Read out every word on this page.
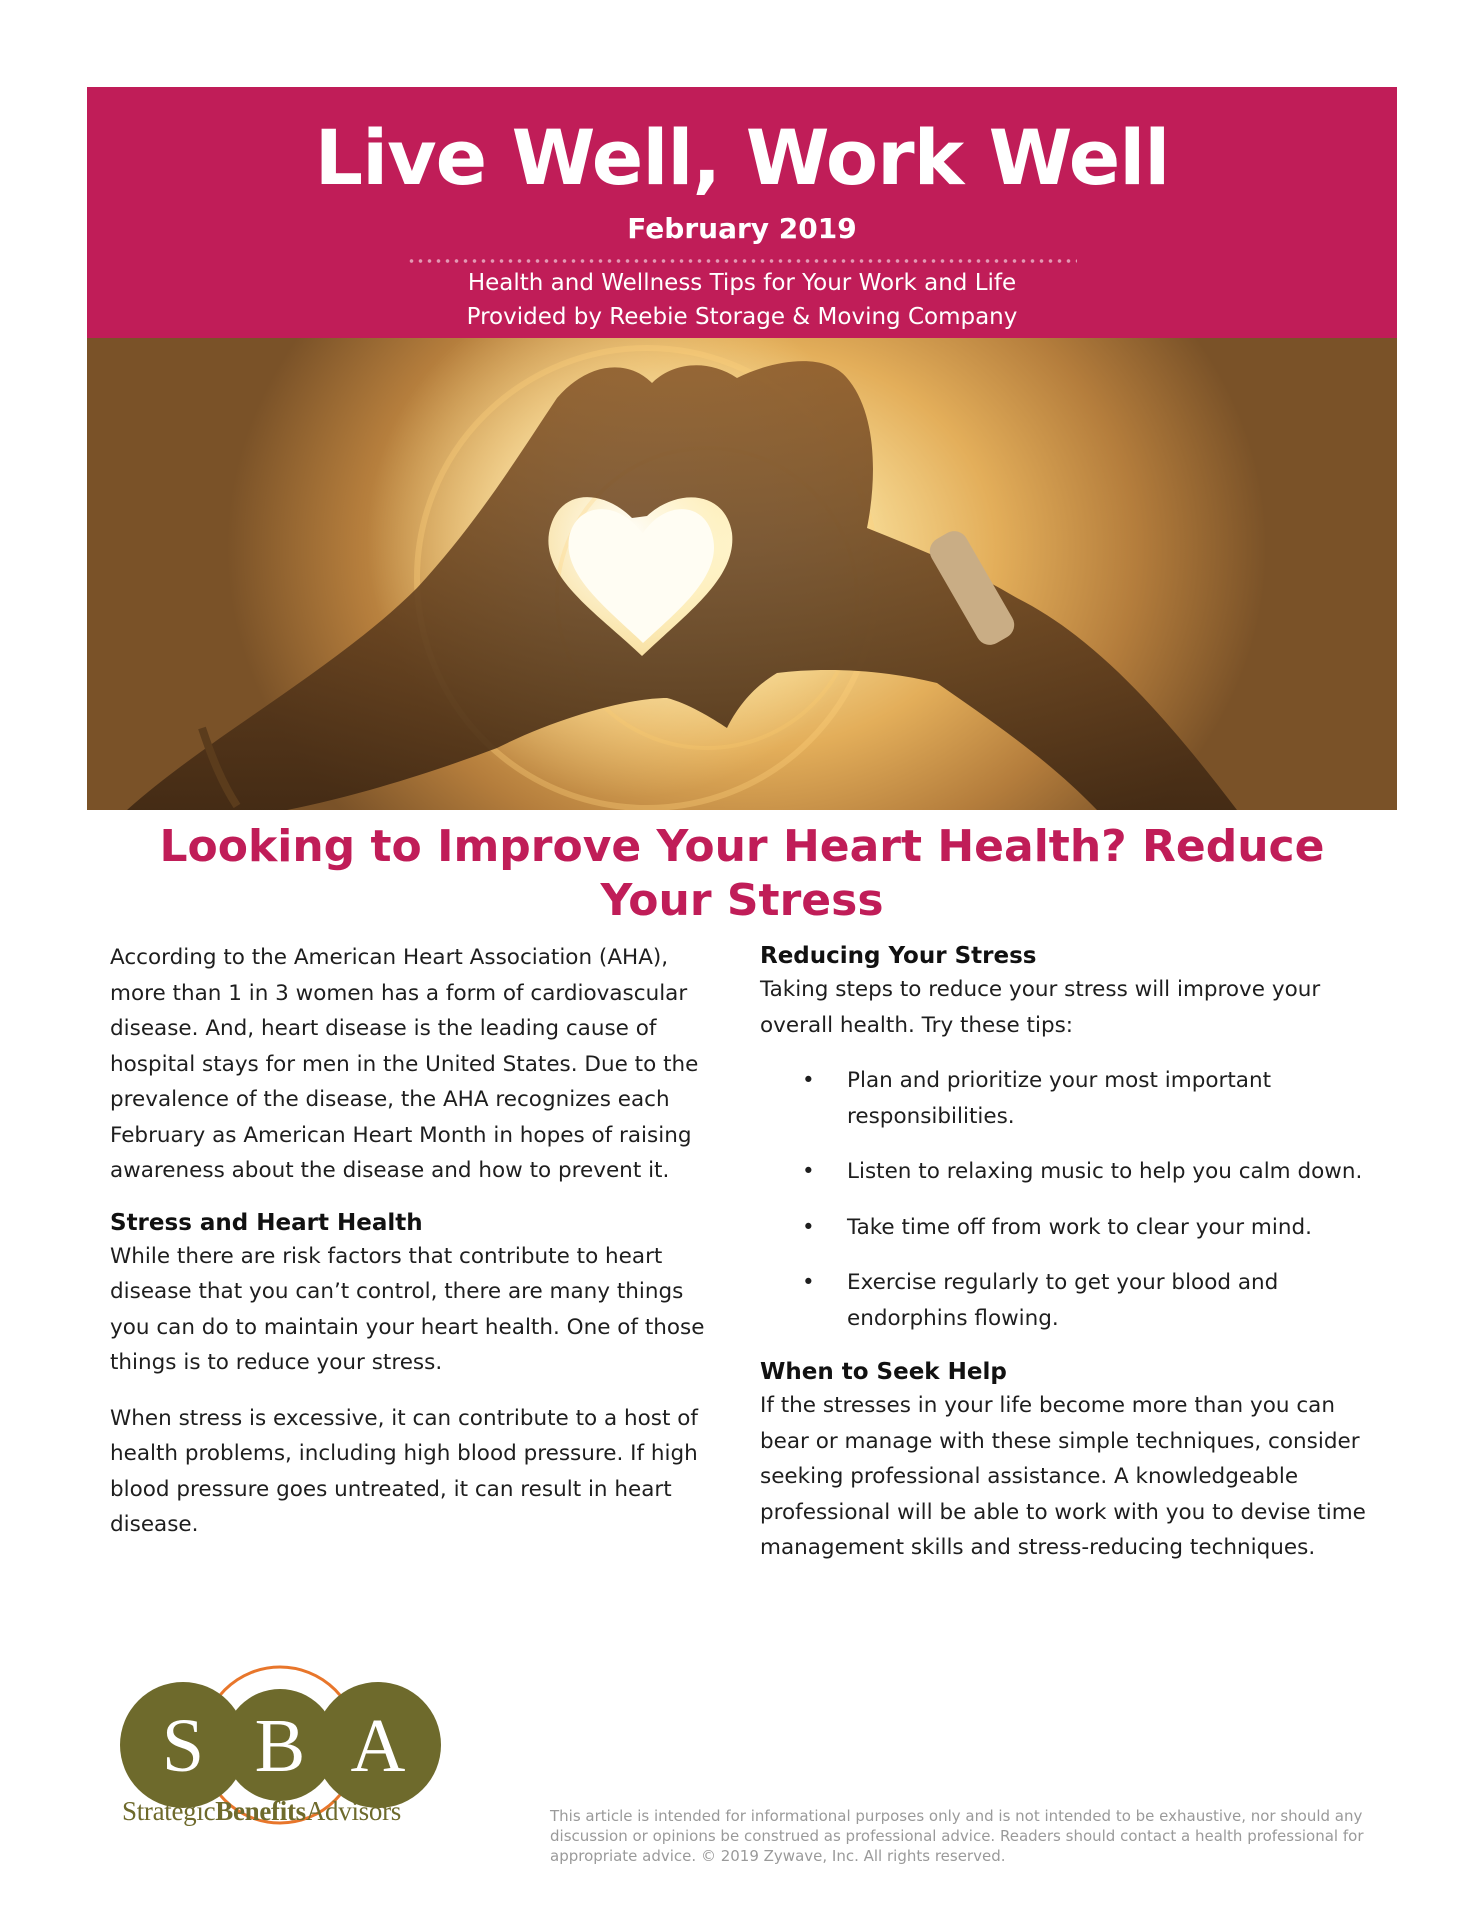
Live Well, Work Well
February 2019
Health and Wellness Tips for Your Work and Life
Provided by Reebie Storage & Moving Company
Looking to Improve Your Heart Health? Reduce Your Stress

According to the American Heart Association (AHA), more than 1 in 3 women has a form of cardiovascular disease. And, heart disease is the leading cause of hospital stays for men in the United States. Due to the prevalence of the disease, the AHA recognizes each February as American Heart Month in hopes of raising awareness about the disease and how to prevent it.

Stress and Heart Health

While there are risk factors that contribute to heart disease that you can’t control, there are many things you can do to maintain your heart health. One of those things is to reduce your stress.

When stress is excessive, it can contribute to a host of health problems, including high blood pressure. If high blood pressure goes untreated, it can result in heart disease.

Reducing Your Stress

Taking steps to reduce your stress will improve your overall health. Try these tips:

• Plan and prioritize your most important responsibilities.
• Listen to relaxing music to help you calm down.
• Take time off from work to clear your mind.
• Exercise regularly to get your blood and endorphins flowing.
When to Seek Help

If the stresses in your life become more than you can bear or manage with these simple techniques, consider seeking professional assistance. A knowledgeable professional will be able to work with you to devise time management skills and stress-reducing techniques.

S B A
StrategicBenefitsAdvisors	This article is intended for informational purposes only and is not intended to be exhaustive, nor should any discussion or opinions be construed as professional advice. Readers should contact a health professional for appropriate advice. © 2019 Zywave, Inc. All rights reserved.
